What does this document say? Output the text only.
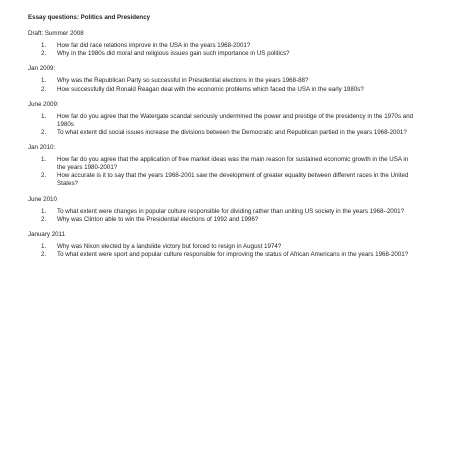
Essay questions: Politics and Presidency
Draft: Summer 2008
1.	How far did race relations improve in the USA in the years 1968-2001?
2.	Why in the 1980s did moral and religious issues gain such importance in US politics?
Jan 2009:
1.	Why was the Republican Party so successful in Presidential elections in the years 1968-88?
2.	How successfully did Ronald Reagan deal with the economic problems which faced the USA in the early 1980s?
June 2009:
1.	How far do you agree that the Watergate scandal seriously undermined the power and prestige of the presidency in the 1970s and 1980s
2.	To what extent did social issues increase the divisions between the Democratic and Republican partied in the years 1968-2001?
Jan 2010:
1.	How far do you agree that the application of free market ideas was the main reason for sustained economic growth in the USA in the years 1980-2001?
2.	How accurate is it to say that the years 1968-2001 saw the development of greater equality between different races in the United States?
June 2010
1.	To what extent were changes in popular culture responsible for dividing rather than uniting US society in the years 1968–2001?
2.	Why was Clinton able to win the Presidential elections of 1992 and 1996?
January 2011
1.	Why was Nixon elected by a landslide victory but forced to resign in August 1974?
2.	To what extent were sport and popular culture responsible for improving the status of African Americans in the years 1968-2001?
